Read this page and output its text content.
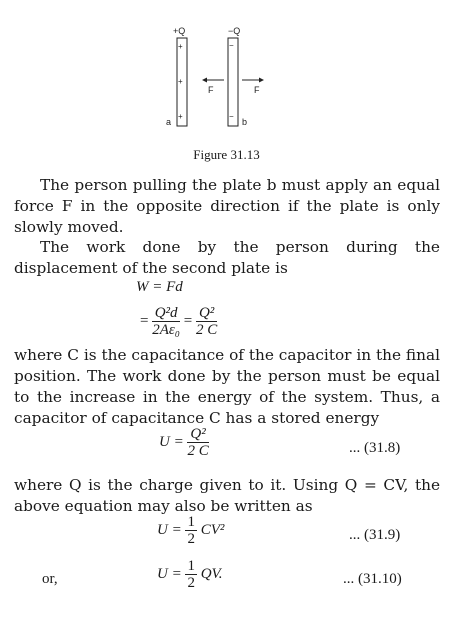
+Q	−Q
+
+
+
−
−
F	F
a	b
Figure 31.13
The person pulling the plate b must apply an equal force F in the opposite direction if the plate is only slowly moved.
The work done by the person during the displacement of the second plate is
W = Fd
= $\frac{\text{Q²d}}{\text{2Aε₀}} = \frac{\text{Q²}}{2 C}$
where C is the capacitance of the capacitor in the final position. The work done by the person must be equal to the increase in the energy of the system. Thus, a capacitor of capacitance C has a stored energy
$U = \frac{\text{Q²}}{2 C}$	... (31.8)
where Q is the charge given to it. Using Q = CV, the above equation may also be written as
$U = \frac{1}{2} CV^2$	... (31.9)
or,	$U = \frac{1}{2}$ QV.	... (31.10)
